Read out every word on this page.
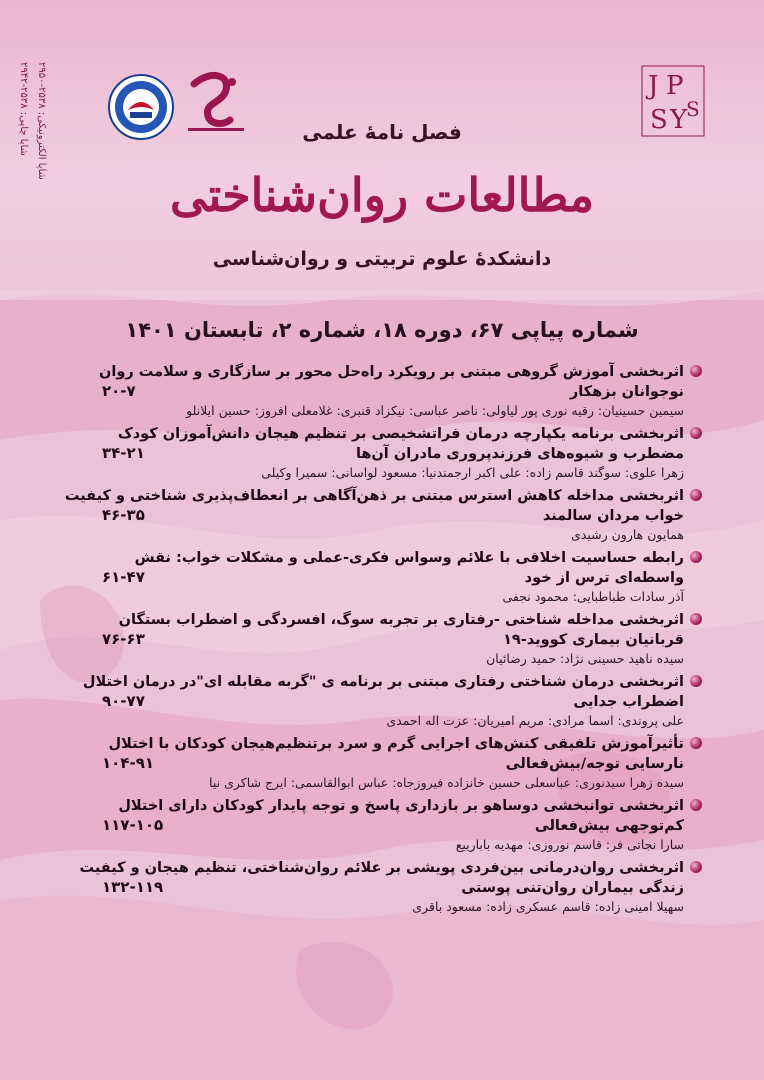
شاپا چاپی: ۲۵۳۸-۲۹۴۲
شاپا الکترونیکی: ۲۵۳۸-۲۹۵۰
J P
S Y
S
فصل نامۀ علمی
مطالعات روان‌شناختی
دانشکدۀ علوم تربیتی و روان‌شناسی
شماره پیاپی ۶۷، دوره ۱۸، شماره ۲، تابستان ۱۴۰۱
اثربخشی آموزش گروهی مبتنی بر رویکرد راه‌حل محور بر سازگاری و سلامت روان نوجوانان بزهکار
۲۰-۷
سیمین حسینیان: رقیه نوری پور لیاولی: ناصر عباسی: نیکزاد قنبری: غلامعلی افروز: حسین ایلانلو
اثربخشی برنامه یکپارچه درمان فراتشخیصی بر تنظیم هیجان دانش‌آموزان کودک مضطرب و شیوه‌های فرزندپروری مادران آن‌ها
۳۴-۲۱
زهرا علوی: سوگند قاسم زاده: علی اکبر ارجمندنیا: مسعود لواسانی: سمیرا وکیلی
اثربخشی مداخله کاهش استرس مبتنی بر ذهن‌آگاهی بر انعطاف‌پذیری شناختی و کیفیت خواب مردان سالمند
۴۶-۳۵
همایون هارون رشیدی
رابطه حساسیت اخلاقی با علائم وسواس فکری-عملی و مشکلات خواب: نقش واسطه‌ای ترس از خود
۶۱-۴۷
آذر سادات طباطبایی: محمود نجفی
اثربخشی مداخله شناختی -رفتاری بر تجربه سوگ، افسردگی و اضطراب بستگان قربانیان بیماری کووید-۱۹
۷۶-۶۳
سیده ناهید حسینی نژاد: حمید رضائیان
اثربخشی درمان شناختی رفتاری مبتنی بر برنامه ی "گربه مقابله ای"در درمان اختلال اضطراب جدایی
۹۰-۷۷
علی پروندی: اسما مرادی: مریم امیریان: عزت اله احمدی
تأثیرآموزش تلفیقی کنش‌های اجرایی گرم و سرد برتنظیم‌هیجان کودکان با اختلال نارسایی توجه/بیش‌فعالی
۱۰۴-۹۱
سیده زهرا سیدنوری: عباسعلی حسین خانزاده فیروزجاه: عباس ابوالقاسمی: ایرج شاکری نیا
اثربخشی توانبخشی دوساهو بر بازداری پاسخ و توجه پایدار کودکان دارای اختلال کم‌توجهی بیش‌فعالی
۱۱۷-۱۰۵
سارا نجاتی فر: قاسم نوروزی: مهدیه بابارییع
اثربخشی روان‌درمانی بین‌فردی پویشی بر علائم روان‌شناختی، تنظیم هیجان و کیفیت زندگی بیماران روان‌تنی پوستی
۱۳۲-۱۱۹
سهیلا امینی زاده: قاسم عسکری زاده: مسعود باقری
